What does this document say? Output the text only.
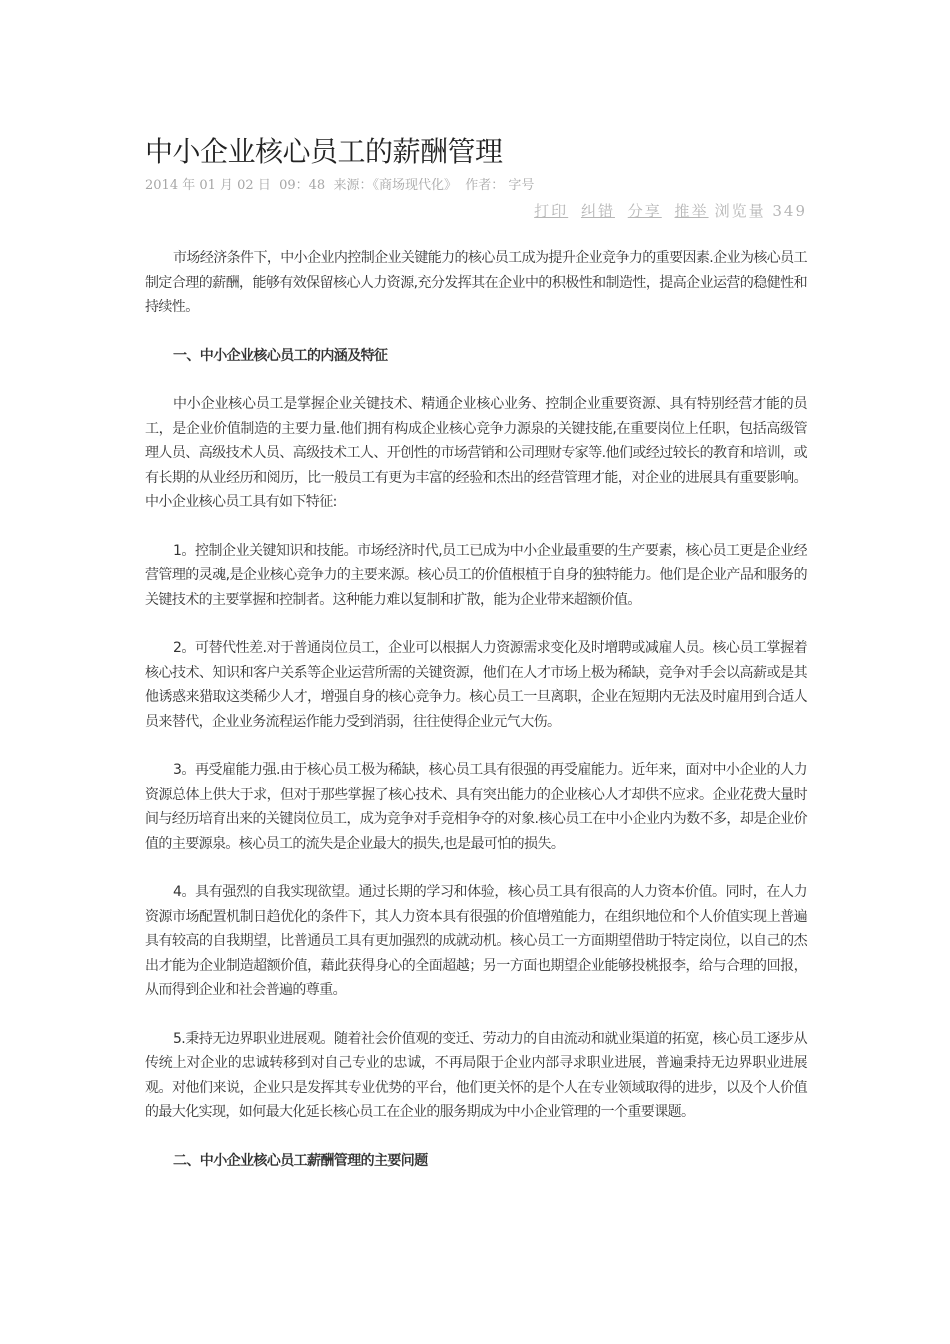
中小企业核心员工的薪酬管理
2014 年 01 月 02 日 09：48 来源：《商场现代化》 作者： 字号
打印 纠错 分享 推举 浏览量 349

市场经济条件下，中小企业内控制企业关键能力的核心员工成为提升企业竞争力的重要因素.企业为核心员工制定合理的薪酬，能够有效保留核心人力资源,充分发挥其在企业中的积极性和制造性，提高企业运营的稳健性和持续性。

一、中小企业核心员工的内涵及特征

中小企业核心员工是掌握企业关键技术、精通企业核心业务、控制企业重要资源、具有特别经营才能的员工，是企业价值制造的主要力量.他们拥有构成企业核心竞争力源泉的关键技能,在重要岗位上任职，包括高级管理人员、高级技术人员、高级技术工人、开创性的市场营销和公司理财专家等.他们或经过较长的教育和培训，或有长期的从业经历和阅历，比一般员工有更为丰富的经验和杰出的经营管理才能，对企业的进展具有重要影响。中小企业核心员工具有如下特征:

1。控制企业关键知识和技能。市场经济时代,员工已成为中小企业最重要的生产要素，核心员工更是企业经营管理的灵魂,是企业核心竞争力的主要来源。核心员工的价值根植于自身的独特能力。他们是企业产品和服务的关键技术的主要掌握和控制者。这种能力难以复制和扩散，能为企业带来超额价值。

2。可替代性差.对于普通岗位员工，企业可以根据人力资源需求变化及时增聘或减雇人员。核心员工掌握着核心技术、知识和客户关系等企业运营所需的关键资源，他们在人才市场上极为稀缺，竞争对手会以高薪或是其他诱惑来猎取这类稀少人才，增强自身的核心竞争力。核心员工一旦离职，企业在短期内无法及时雇用到合适人员来替代，企业业务流程运作能力受到消弱，往往使得企业元气大伤。

3。再受雇能力强.由于核心员工极为稀缺，核心员工具有很强的再受雇能力。近年来，面对中小企业的人力资源总体上供大于求，但对于那些掌握了核心技术、具有突出能力的企业核心人才却供不应求。企业花费大量时间与经历培育出来的关键岗位员工，成为竞争对手竞相争夺的对象.核心员工在中小企业内为数不多，却是企业价值的主要源泉。核心员工的流失是企业最大的损失,也是最可怕的损失。

4。具有强烈的自我实现欲望。通过长期的学习和体验，核心员工具有很高的人力资本价值。同时，在人力资源市场配置机制日趋优化的条件下，其人力资本具有很强的价值增殖能力，在组织地位和个人价值实现上普遍具有较高的自我期望，比普通员工具有更加强烈的成就动机。核心员工一方面期望借助于特定岗位，以自己的杰出才能为企业制造超额价值，藉此获得身心的全面超越；另一方面也期望企业能够投桃报李，给与合理的回报，从而得到企业和社会普遍的尊重。

5.秉持无边界职业进展观。随着社会价值观的变迁、劳动力的自由流动和就业渠道的拓宽，核心员工逐步从传统上对企业的忠诚转移到对自己专业的忠诚，不再局限于企业内部寻求职业进展，普遍秉持无边界职业进展观。对他们来说，企业只是发挥其专业优势的平台，他们更关怀的是个人在专业领域取得的进步，以及个人价值的最大化实现，如何最大化延长核心员工在企业的服务期成为中小企业管理的一个重要课题。

二、中小企业核心员工薪酬管理的主要问题
